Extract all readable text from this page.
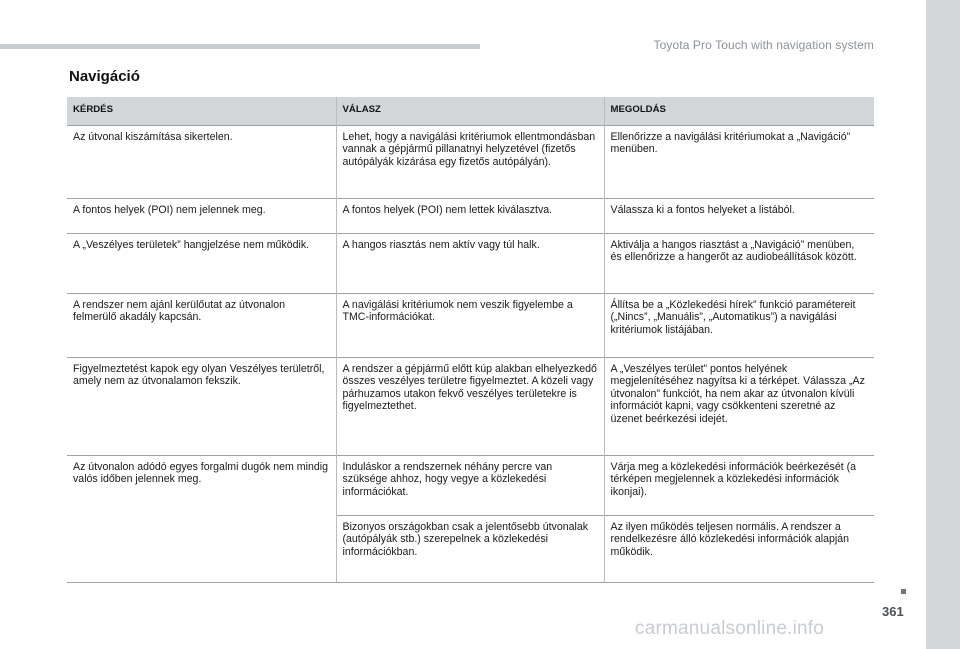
Toyota Pro Touch with navigation system
Navigáció
KÉRDÉS	VÁLASZ	MEGOLDÁS
Az útvonal kiszámítása sikertelen.	Lehet, hogy a navigálási kritériumok ellentmondásban vannak a gépjármű pillanatnyi helyzetével (fizetős autópályák kizárása egy fizetős autópályán).	Ellenőrizze a navigálási kritériumokat a „Navigáció” menüben.
A fontos helyek (POI) nem jelennek meg.	A fontos helyek (POI) nem lettek kiválasztva.	Válassza ki a fontos helyeket a listából.
A „Veszélyes területek” hangjelzése nem működik.	A hangos riasztás nem aktív vagy túl halk.	Aktiválja a hangos riasztást a „Navigáció” menüben, és ellenőrizze a hangerőt az audiobeállítások között.
A rendszer nem ajánl kerülőutat az útvonalon felmerülő akadály kapcsán.	A navigálási kritériumok nem veszik figyelembe a TMC-információkat.	Állítsa be a „Közlekedési hírek” funkció paramétereit („Nincs”, „Manuális”, „Automatikus”) a navigálási kritériumok listájában.
Figyelmeztetést kapok egy olyan Veszélyes területről, amely nem az útvonalamon fekszik.	A rendszer a gépjármű előtt kúp alakban elhelyezkedő összes veszélyes területre figyelmeztet. A közeli vagy párhuzamos utakon fekvő veszélyes területekre is figyelmeztethet.	A „Veszélyes terület” pontos helyének megjelenítéséhez nagyítsa ki a térképet. Válassza „Az útvonalon” funkciót, ha nem akar az útvonalon kívüli információt kapni, vagy csökkenteni szeretné az üzenet beérkezési idejét.
Az útvonalon adódó egyes forgalmi dugók nem mindig valós időben jelennek meg.	Induláskor a rendszernek néhány percre van szüksége ahhoz, hogy vegye a közlekedési információkat.	Várja meg a közlekedési információk beérkezését (a térképen megjelennek a közlekedési információk ikonjai).
	Bizonyos országokban csak a jelentősebb útvonalak (autópályák stb.) szerepelnek a közlekedési információkban.	Az ilyen működés teljesen normális. A rendszer a rendelkezésre álló közlekedési információk alapján működik.
361
carmanualsonline.info
